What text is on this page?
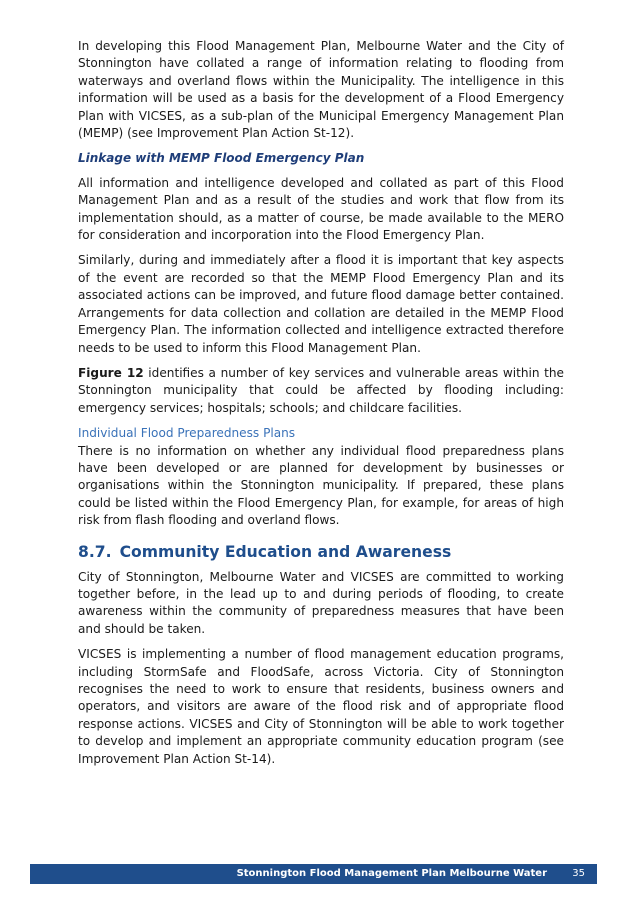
In developing this Flood Management Plan, Melbourne Water and the City of Stonnington have collated a range of information relating to flooding from waterways and overland flows within the Municipality. The intelligence in this information will be used as a basis for the development of a Flood Emergency Plan with VICSES, as a sub-plan of the Municipal Emergency Management Plan (MEMP) (see Improvement Plan Action St-12).

Linkage with MEMP Flood Emergency Plan

All information and intelligence developed and collated as part of this Flood Management Plan and as a result of the studies and work that flow from its implementation should, as a matter of course, be made available to the MERO for consideration and incorporation into the Flood Emergency Plan.

Similarly, during and immediately after a flood it is important that key aspects of the event are recorded so that the MEMP Flood Emergency Plan and its associated actions can be improved, and future flood damage better contained. Arrangements for data collection and collation are detailed in the MEMP Flood Emergency Plan. The information collected and intelligence extracted therefore needs to be used to inform this Flood Management Plan.

Figure 12 identifies a number of key services and vulnerable areas within the Stonnington municipality that could be affected by flooding including: emergency services; hospitals; schools; and childcare facilities.

Individual Flood Preparedness Plans

There is no information on whether any individual flood preparedness plans have been developed or are planned for development by businesses or organisations within the Stonnington municipality. If prepared, these plans could be listed within the Flood Emergency Plan, for example, for areas of high risk from flash flooding and overland flows.

8.7. Community Education and Awareness

City of Stonnington, Melbourne Water and VICSES are committed to working together before, in the lead up to and during periods of flooding, to create awareness within the community of preparedness measures that have been and should be taken.

VICSES is implementing a number of flood management education programs, including StormSafe and FloodSafe, across Victoria. City of Stonnington recognises the need to work to ensure that residents, business owners and operators, and visitors are aware of the flood risk and of appropriate flood response actions. VICSES and City of Stonnington will be able to work together to develop and implement an appropriate community education program (see Improvement Plan Action St-14).

Stonnington Flood Management Plan Melbourne Water	35
